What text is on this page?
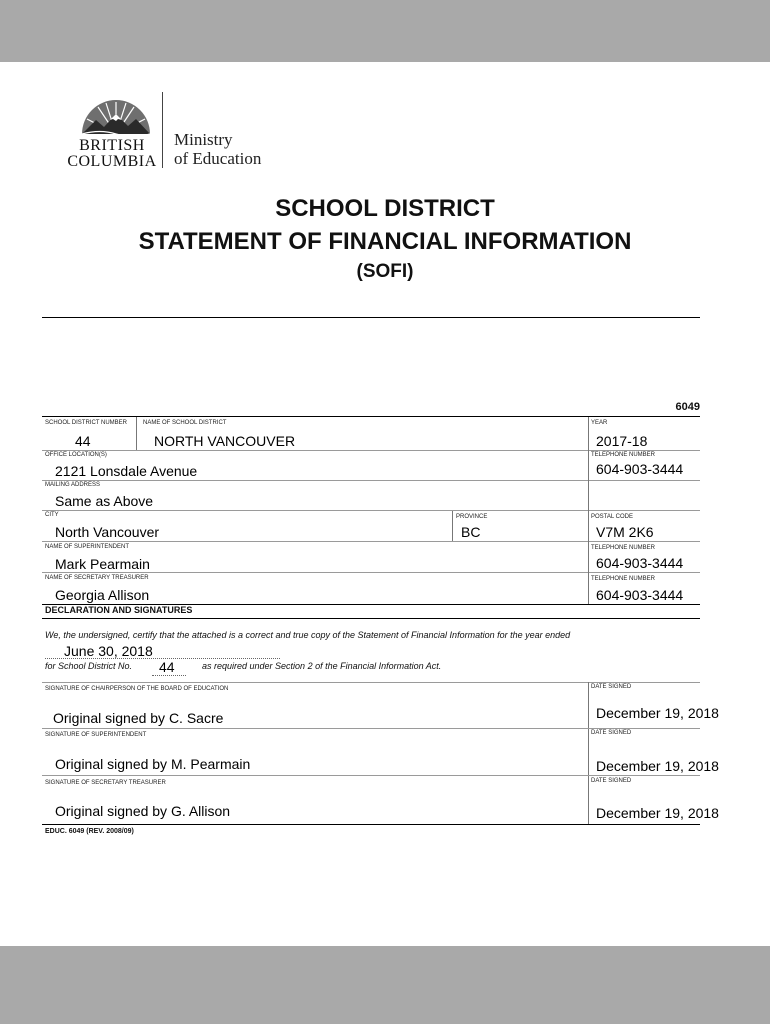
BRITISH
COLUMBIA
Ministry
of Education
SCHOOL DISTRICT
STATEMENT OF FINANCIAL INFORMATION
(SOFI)
6049
SCHOOL DISTRICT NUMBER	NAME OF SCHOOL DISTRICT	YEAR
44	NORTH VANCOUVER	2017-18
OFFICE LOCATION(S)	TELEPHONE NUMBER
2121 Lonsdale Avenue	604-903-3444
MAILING ADDRESS
Same as Above
CITY	PROVINCE	POSTAL CODE
North Vancouver	BC	V7M 2K6
NAME OF SUPERINTENDENT	TELEPHONE NUMBER
Mark Pearmain	604-903-3444
NAME OF SECRETARY TREASURER	TELEPHONE NUMBER
Georgia Allison	604-903-3444
DECLARATION AND SIGNATURES
We, the undersigned, certify that the attached is a correct and true copy of the Statement of Financial Information for the year ended
June 30, 2018
for School District No. 44	as required under Section 2 of the Financial Information Act.
SIGNATURE OF CHAIRPERSON OF THE BOARD OF EDUCATION	DATE SIGNED
Original signed by C. Sacre	December 19, 2018
SIGNATURE OF SUPERINTENDENT	DATE SIGNED
Original signed by M. Pearmain	December 19, 2018
SIGNATURE OF SECRETARY TREASURER	DATE SIGNED
Original signed by G. Allison	December 19, 2018
EDUC. 6049 (REV. 2008/09)
